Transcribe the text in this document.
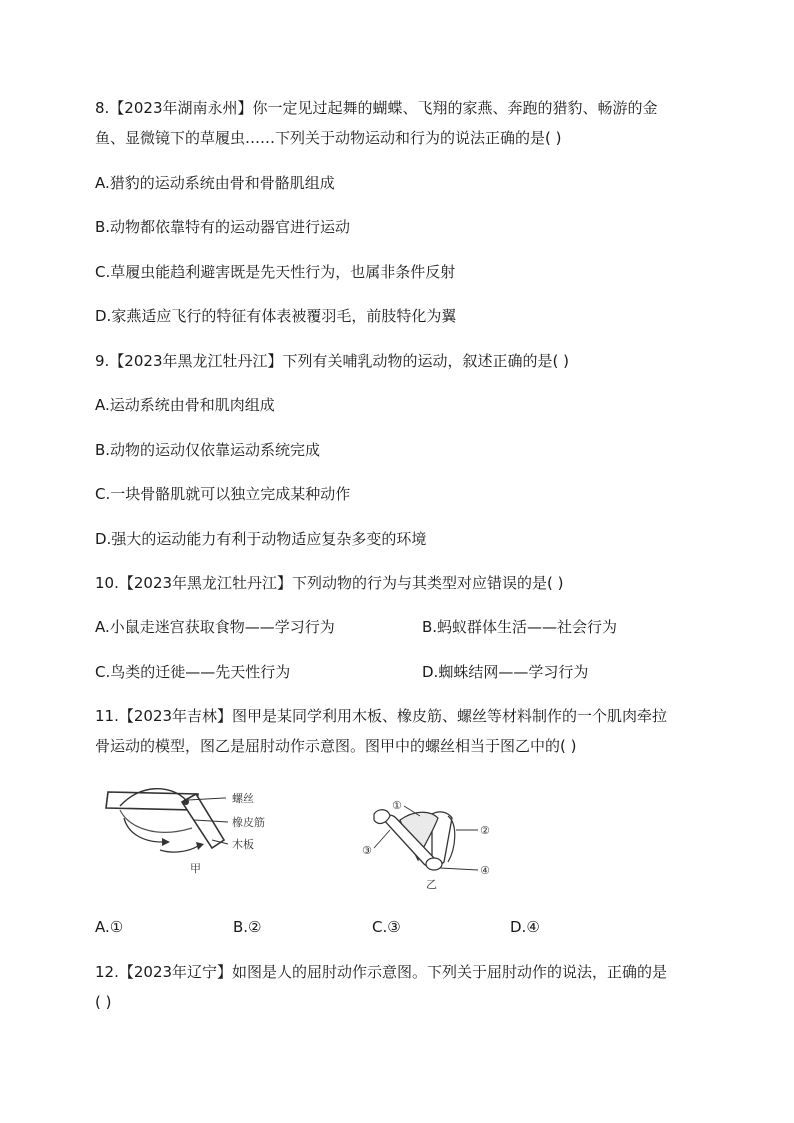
8.【2023年湖南永州】你一定见过起舞的蝴蝶、飞翔的家燕、奔跑的猎豹、畅游的金
鱼、显微镜下的草履虫……下列关于动物运动和行为的说法正确的是( )
A.猎豹的运动系统由骨和骨骼肌组成
B.动物都依靠特有的运动器官进行运动
C.草履虫能趋利避害既是先天性行为，也属非条件反射
D.家燕适应飞行的特征有体表被覆羽毛，前肢特化为翼
9.【2023年黑龙江牡丹江】下列有关哺乳动物的运动，叙述正确的是( )
A.运动系统由骨和肌肉组成
B.动物的运动仅依靠运动系统完成
C.一块骨骼肌就可以独立完成某种动作
D.强大的运动能力有利于动物适应复杂多变的环境
10.【2023年黑龙江牡丹江】下列动物的行为与其类型对应错误的是( )
A.小鼠走迷宫获取食物——学习行为	B.蚂蚁群体生活——社会行为
C.鸟类的迁徙——先天性行为	D.蜘蛛结网——学习行为
11.【2023年吉林】图甲是某同学利用木板、橡皮筋、螺丝等材料制作的一个肌肉牵拉
骨运动的模型，图乙是屈肘动作示意图。图甲中的螺丝相当于图乙中的( )
螺丝
橡皮筋
木板
甲
①
②
③
④
乙
A.①	B.②	C.③	D.④
12.【2023年辽宁】如图是人的屈肘动作示意图。下列关于屈肘动作的说法，正确的是
( )
